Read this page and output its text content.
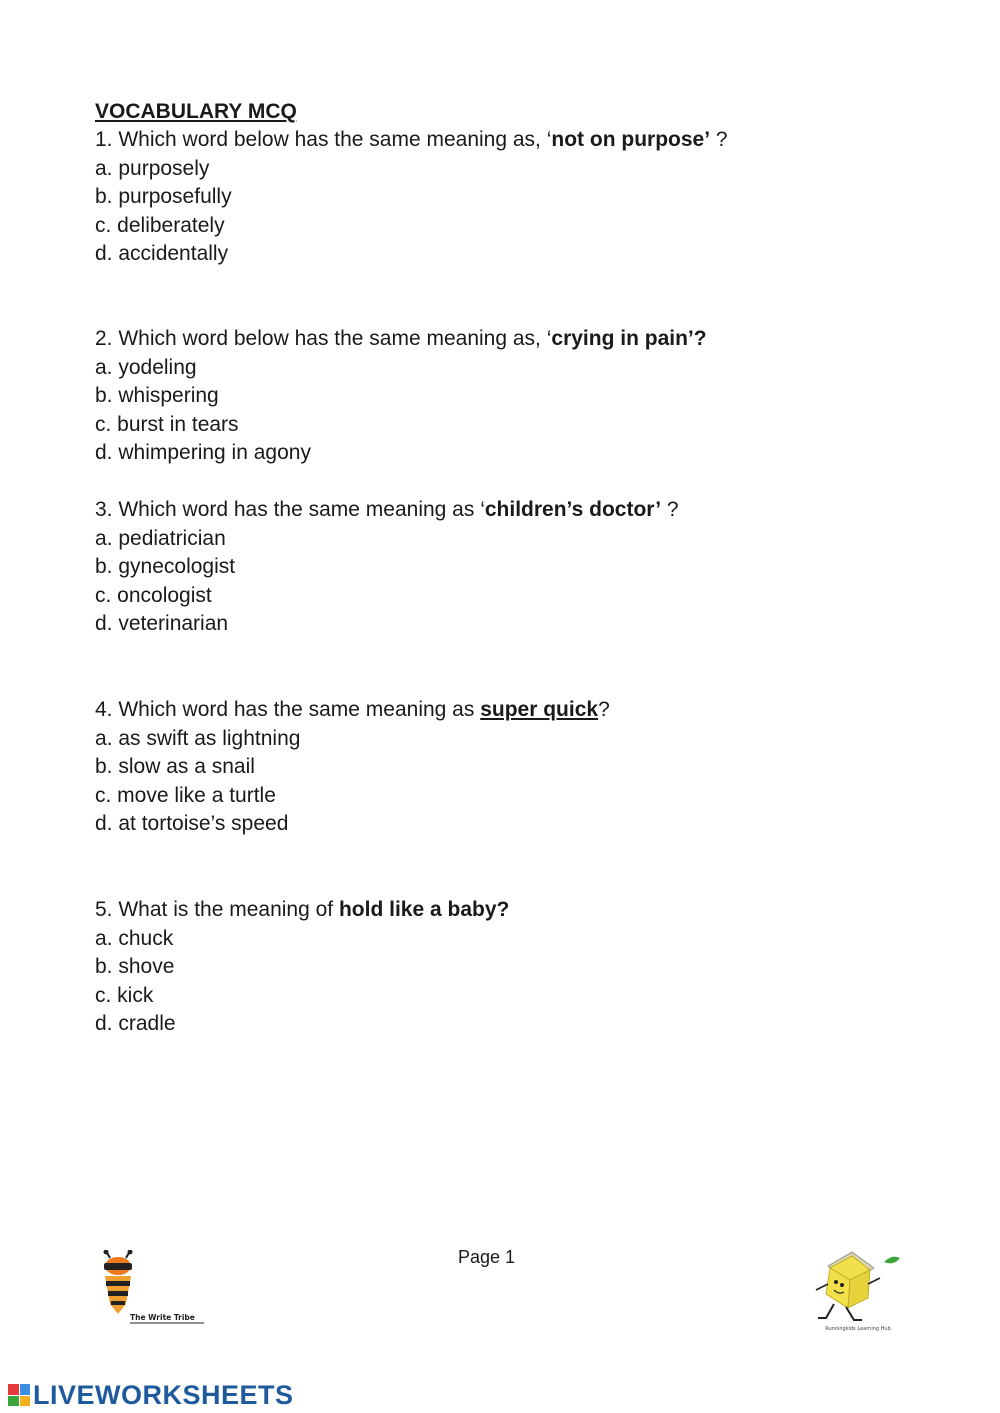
VOCABULARY MCQ
1. Which word below has the same meaning as, ‘not on purpose’ ?
a. purposely
b. purposefully
c. deliberately
d. accidentally
2. Which word below has the same meaning as, ‘crying in pain’?
a. yodeling
b. whispering
c. burst in tears
d. whimpering in agony
3. Which word has the same meaning as ‘children’s doctor’ ?
a. pediatrician
b. gynecologist
c. oncologist
d. veterinarian
4. Which word has the same meaning as super quick?
a. as swift as lightning
b. slow as a snail
c. move like a turtle
d. at tortoise’s speed
5. What is the meaning of hold like a baby?
a. chuck
b. shove
c. kick
d. cradle
Page 1
The Write Tribe
Runningkids Learning Hub
LIVEWORKSHEETS
